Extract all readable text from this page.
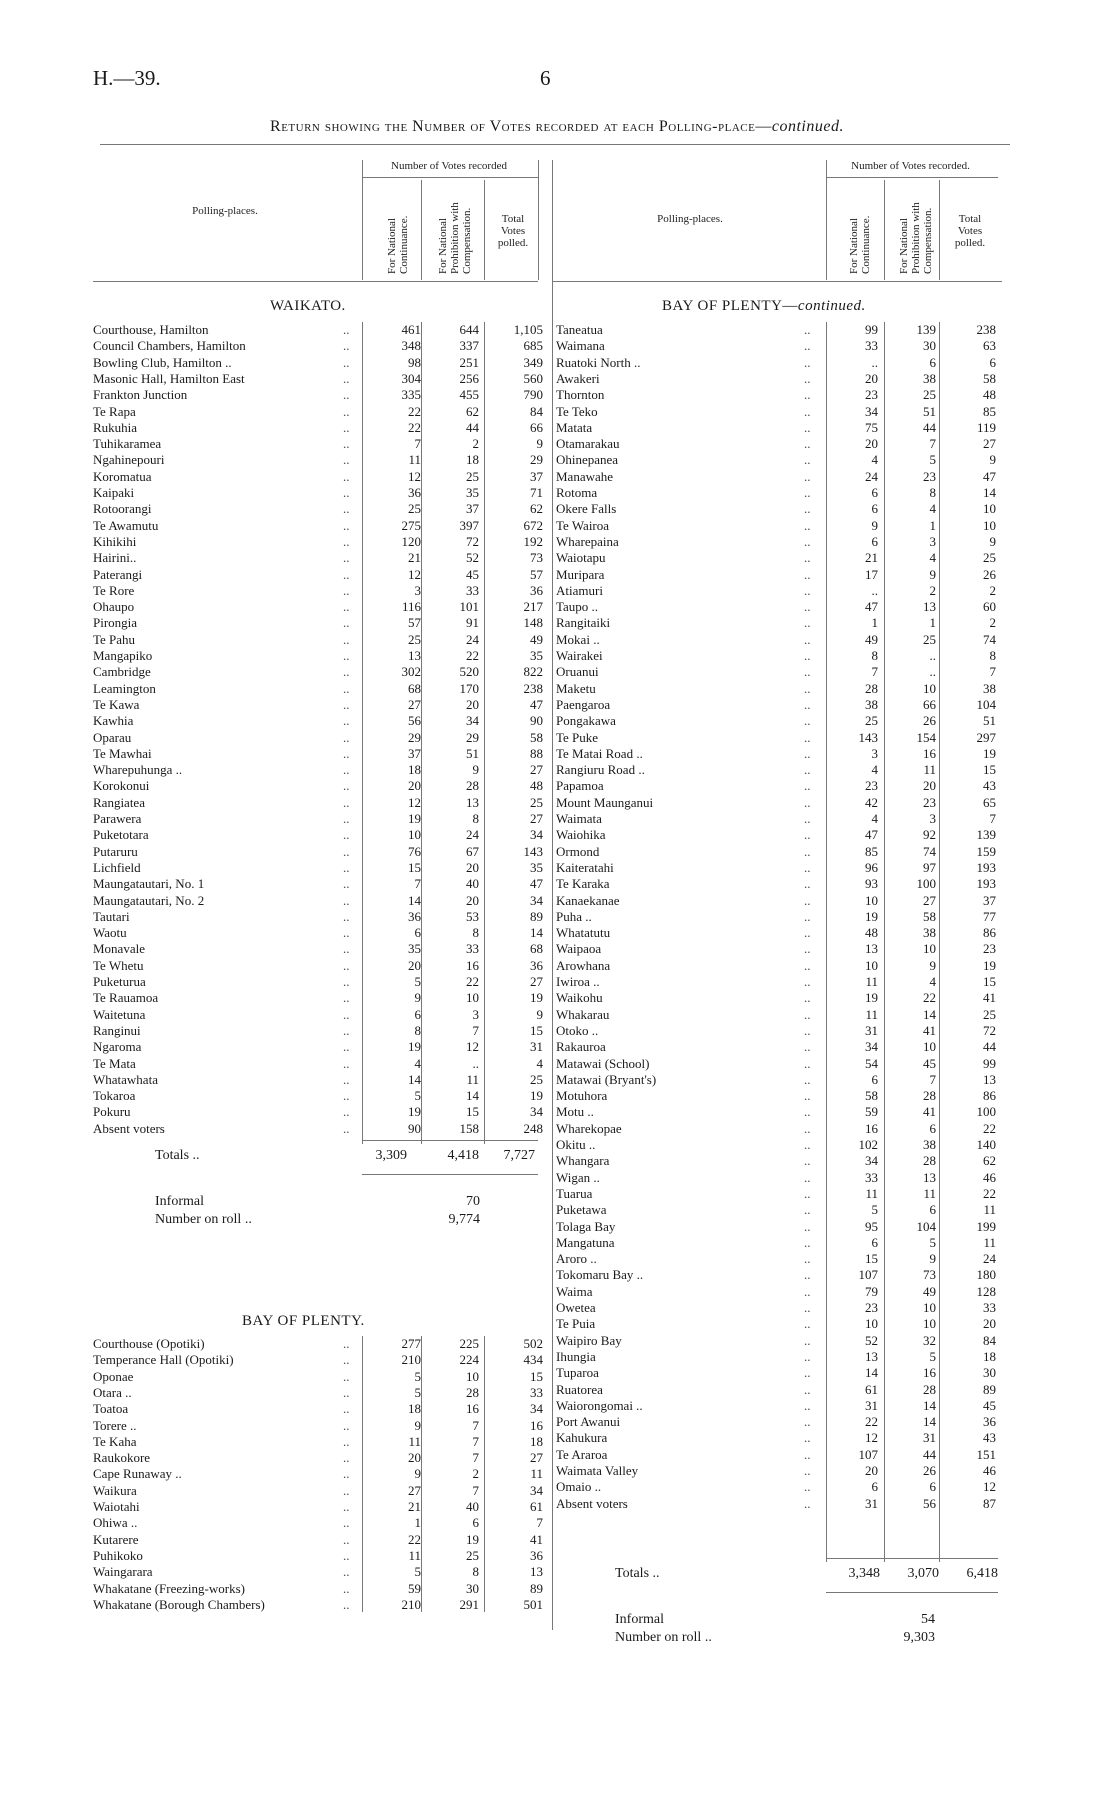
H.—39.	6
Return showing the Number of Votes recorded at each Polling-place—continued.
Polling-places.
Number of Votes recorded
For National Continuance. For National Prohibition with Compensation.	Total Votes polled.
Polling-places.
Number of Votes recorded.
For National Continuance. For National Prohibition with Compensation.	Total Votes polled.
WAIKATO.	BAY OF PLENTY—continued.
BAY OF PLENTY.
Courthouse, Hamilton	..	461	644	1,105
Council Chambers, Hamilton	..	348	337	685
Bowling Club, Hamilton ..	..	98	251	349
Masonic Hall, Hamilton East	..	304	256	560
Frankton Junction	..	335	455	790
Te Rapa	..	22	62	84
Rukuhia	..	22	44	66
Tuhikaramea	..	7	2	9
Ngahinepouri	..	11	18	29
Koromatua	..	12	25	37
Kaipaki	..	36	35	71
Rotoorangi	..	25	37	62
Te Awamutu	..	275	397	672
Kihikihi	..	120	72	192
Hairini..	..	21	52	73
Paterangi	..	12	45	57
Te Rore	..	3	33	36
Ohaupo	..	116	101	217
Pirongia	..	57	91	148
Te Pahu	..	25	24	49
Mangapiko	..	13	22	35
Cambridge	..	302	520	822
Leamington	..	68	170	238
Te Kawa	..	27	20	47
Kawhia	..	56	34	90
Oparau	..	29	29	58
Te Mawhai	..	37	51	88
Wharepuhunga ..	..	18	9	27
Korokonui	..	20	28	48
Rangiatea	..	12	13	25
Parawera	..	19	8	27
Puketotara	..	10	24	34
Putaruru	..	76	67	143
Lichfield	..	15	20	35
Maungatautari, No. 1	..	7	40	47
Maungatautari, No. 2	..	14	20	34
Tautari	..	36	53	89
Waotu	..	6	8	14
Monavale	..	35	33	68
Te Whetu	..	20	16	36
Puketurua	..	5	22	27
Te Rauamoa	..	9	10	19
Waitetuna	..	6	3	9
Ranginui	..	8	7	15
Ngaroma	..	19	12	31
Te Mata	..	4	..	4
Whatawhata	..	14	11	25
Tokaroa	..	5	14	19
Pokuru	..	19	15	34
Absent voters	..	90	158	248
Courthouse (Opotiki)	..	277	225	502
Temperance Hall (Opotiki)	..	210	224	434
Oponae	..	5	10	15
Otara ..	..	5	28	33
Toatoa	..	18	16	34
Torere ..	..	9	7	16
Te Kaha	..	11	7	18
Raukokore	..	20	7	27
Cape Runaway ..	..	9	2	11
Waikura	..	27	7	34
Waiotahi	..	21	40	61
Ohiwa ..	..	1	6	7
Kutarere	..	22	19	41
Puhikoko	..	11	25	36
Waingarara	..	5	8	13
Whakatane (Freezing-works)	..	59	30	89
Whakatane (Borough Chambers)	..	210	291	501
Taneatua	..	99	139	238
Waimana	..	33	30	63
Ruatoki North ..	..	..	6	6
Awakeri	..	20	38	58
Thornton	..	23	25	48
Te Teko	..	34	51	85
Matata	..	75	44	119
Otamarakau	..	20	7	27
Ohinepanea	..	4	5	9
Manawahe	..	24	23	47
Rotoma	..	6	8	14
Okere Falls	..	6	4	10
Te Wairoa	..	9	1	10
Wharepaina	..	6	3	9
Waiotapu	..	21	4	25
Muripara	..	17	9	26
Atiamuri	..	..	2	2
Taupo ..	..	47	13	60
Rangitaiki	..	1	1	2
Mokai ..	..	49	25	74
Wairakei	..	8	..	8
Oruanui	..	7	..	7
Maketu	..	28	10	38
Paengaroa	..	38	66	104
Pongakawa	..	25	26	51
Te Puke	..	143	154	297
Te Matai Road ..	..	3	16	19
Rangiuru Road ..	..	4	11	15
Papamoa	..	23	20	43
Mount Maunganui	..	42	23	65
Waimata	..	4	3	7
Waiohika	..	47	92	139
Ormond	..	85	74	159
Kaiteratahi	..	96	97	193
Te Karaka	..	93	100	193
Kanaekanae	..	10	27	37
Puha ..	..	19	58	77
Whatatutu	..	48	38	86
Waipaoa	..	13	10	23
Arowhana	..	10	9	19
Iwiroa ..	..	11	4	15
Waikohu	..	19	22	41
Whakarau	..	11	14	25
Otoko ..	..	31	41	72
Rakauroa	..	34	10	44
Matawai (School)	..	54	45	99
Matawai (Bryant's)	..	6	7	13
Motuhora	..	58	28	86
Motu ..	..	59	41	100
Wharekopae	..	16	6	22
Okitu ..	..	102	38	140
Whangara	..	34	28	62
Wigan ..	..	33	13	46
Tuarua	..	11	11	22
Puketawa	..	5	6	11
Tolaga Bay	..	95	104	199
Mangatuna	..	6	5	11
Aroro ..	..	15	9	24
Tokomaru Bay ..	..	107	73	180
Waima	..	79	49	128
Owetea	..	23	10	33
Te Puia	..	10	10	20
Waipiro Bay	..	52	32	84
Ihungia	..	13	5	18
Tuparoa	..	14	16	30
Ruatorea	..	61	28	89
Waiorongomai ..	..	31	14	45
Port Awanui	..	22	14	36
Kahukura	..	12	31	43
Te Araroa	..	107	44	151
Waimata Valley	..	20	26	46
Omaio ..	..	6	6	12
Absent voters	..	31	56	87
Totals ..	3,309	4,418	7,727
Informal	70
Number on roll ..	9,774
Totals ..	3,348	3,070	6,418
Informal	54
Number on roll ..	9,303
